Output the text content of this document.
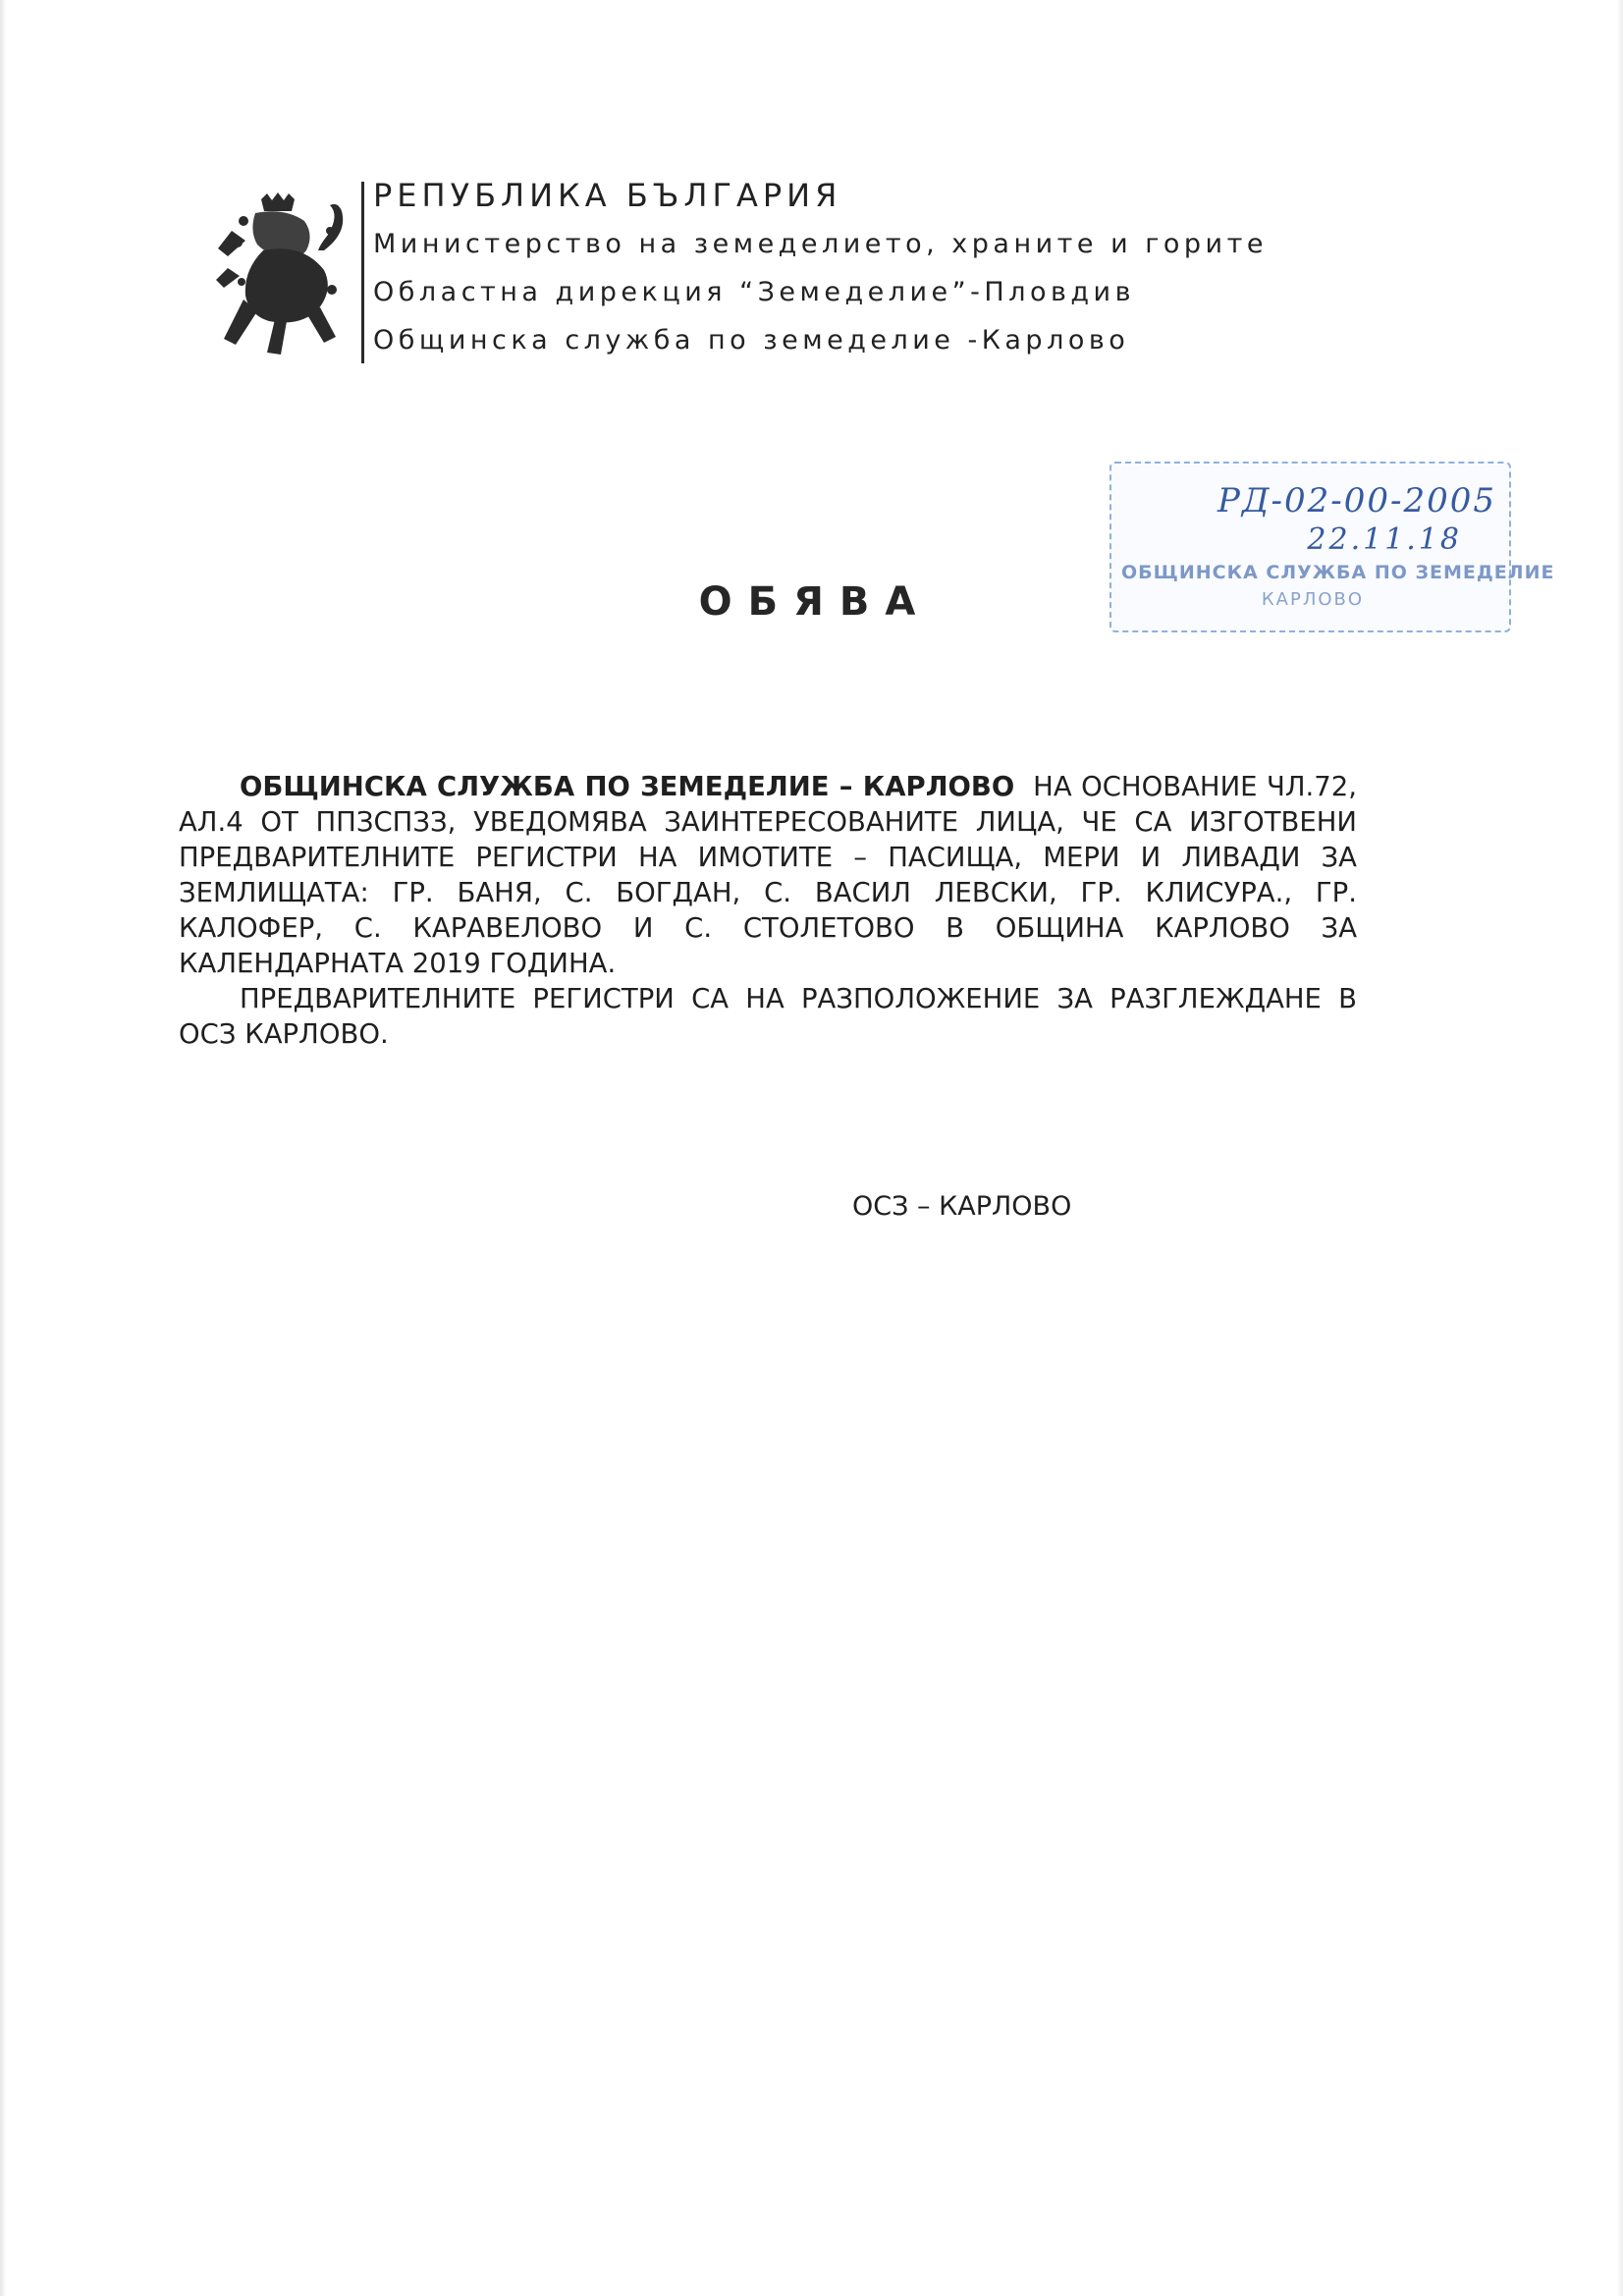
РЕПУБЛИКА БЪЛГАРИЯ
Министерство на земеделието, храните и горите
Областна дирекция “Земеделие”-Пловдив
Общинска служба по земеделие -Карлово
РД-02-00-2005
22.11.18
ОБЩИНСКА СЛУЖБА ПО ЗЕМЕДЕЛИЕ
КАРЛОВО
ОБЯВА

ОБЩИНСКА СЛУЖБА ПО ЗЕМЕДЕЛИЕ – КАРЛОВО НА ОСНОВАНИЕ ЧЛ.72, АЛ.4 ОТ ППЗСПЗЗ, УВЕДОМЯВА ЗАИНТЕРЕСОВАНИТЕ ЛИЦА, ЧЕ СА ИЗГОТВЕНИ ПРЕДВАРИТЕЛНИТЕ РЕГИСТРИ НА ИМОТИТЕ – ПАСИЩА, МЕРИ И ЛИВАДИ ЗА ЗЕМЛИЩАТА: ГР. БАНЯ, С. БОГДАН, С. ВАСИЛ ЛЕВСКИ, ГР. КЛИСУРА., ГР. КАЛОФЕР, С. КАРАВЕЛОВО И С. СТОЛЕТОВО В ОБЩИНА КАРЛОВО ЗА КАЛЕНДАРНАТА 2019 ГОДИНА.

ПРЕДВАРИТЕЛНИТЕ РЕГИСТРИ СА НА РАЗПОЛОЖЕНИЕ ЗА РАЗГЛЕЖДАНЕ В ОСЗ КАРЛОВО.

ОСЗ – КАРЛОВО
